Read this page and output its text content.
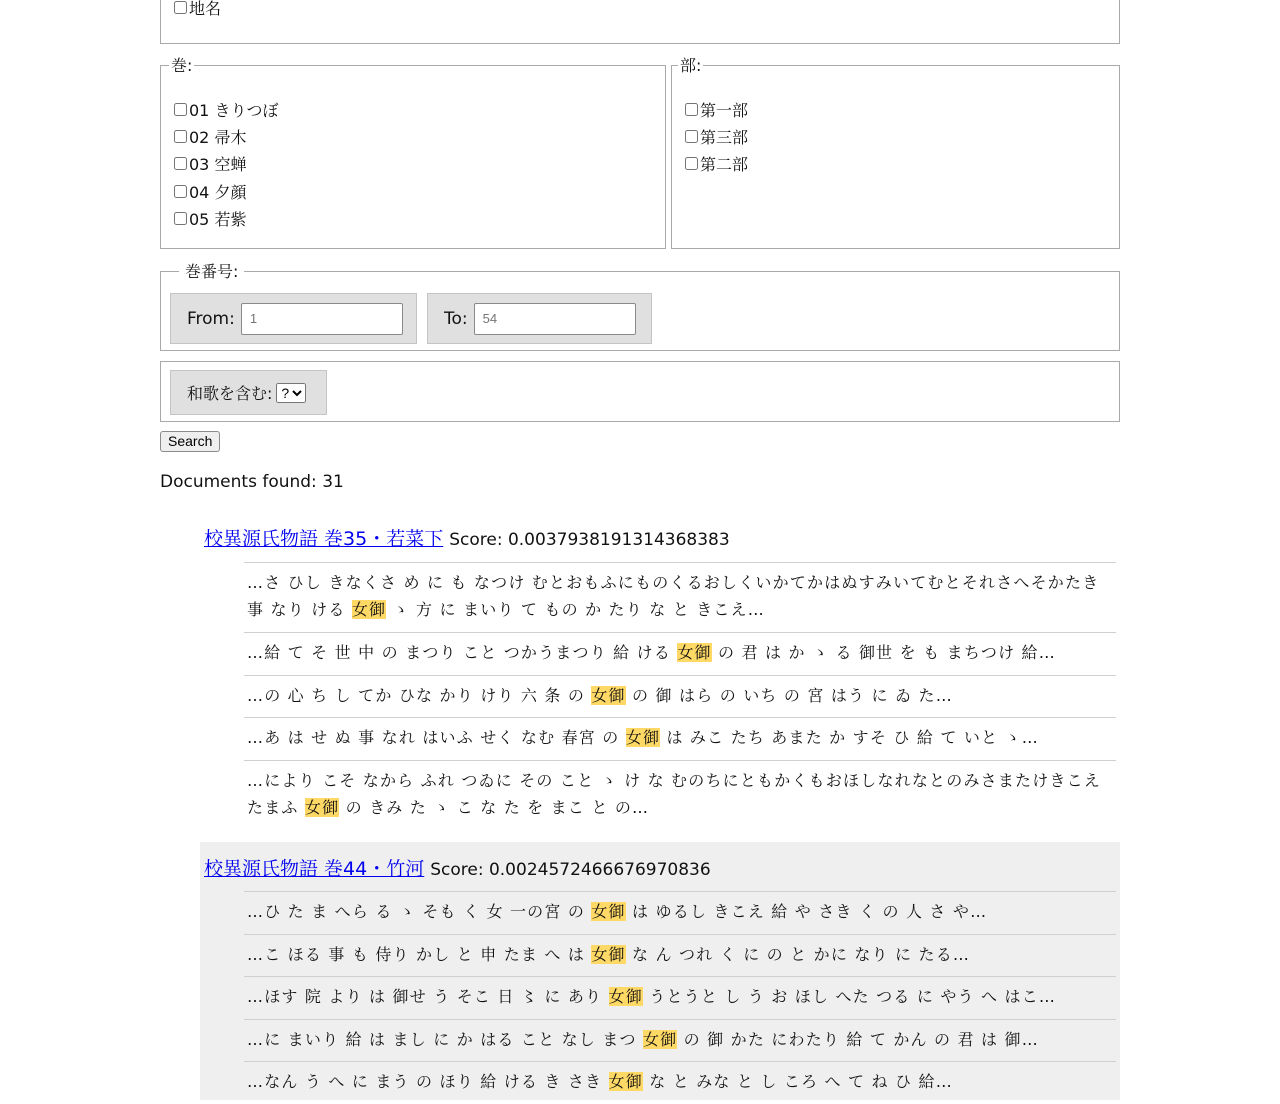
地名
巻:
01 きりつぼ
02 帚木
03 空蝉
04 夕顔
05 若紫
部:
第一部
第三部
第二部
巻番号:
From:
1	To:
54
和歌を含む:
?
Search
Documents found: 31
校異源氏物語 巻35・若菜下 Score: 0.0037938191314368383
…さ ひし きなくさ め に も なつけ むとおもふにものくるおしくいかてかはぬすみいてむとそれさへそかたき 事 なり ける 女御 ゝ 方 に まいり て もの か たり な と きこえ…
…給 て そ 世 中 の まつり こと つかうまつり 給 ける 女御 の 君 は か ゝ る 御世 を も まちつけ 給…
…の 心 ち し てか ひな かり けり 六 条 の 女御 の 御 はら の いち の 宮 はう に ゐ た…
…あ は せ ぬ 事 なれ はいふ せく なむ 春宮 の 女御 は みこ たち あまた か すそ ひ 給 て いと ゝ…
…により こそ なから ふれ つゐに その こと ゝ け な むのちにともかくもおほしなれなとのみさまたけきこえたまふ 女御 の きみ た ゝ こ な た を まこ と の…
校異源氏物語 巻44・竹河 Score: 0.0024572466676970836
…ひ た ま へら る ゝ そも く 女 一の宮 の 女御 は ゆるし きこえ 給 や さき く の 人 さ や…
…こ ほる 事 も 侍り かし と 申 たま へ は 女御 な ん つれ く に の と かに なり に たる…
…ほす 院 より は 御せ う そこ 日 〻 に あり 女御 うとうと し う お ほし へた つる に やう へ はこ…
…に まいり 給 は まし に か はる こと なし まつ 女御 の 御 かた にわたり 給 て かん の 君 は 御…
…なん う へ に まう の ほり 給 ける き さき 女御 な と みな と し ころ へ て ね ひ 給…
